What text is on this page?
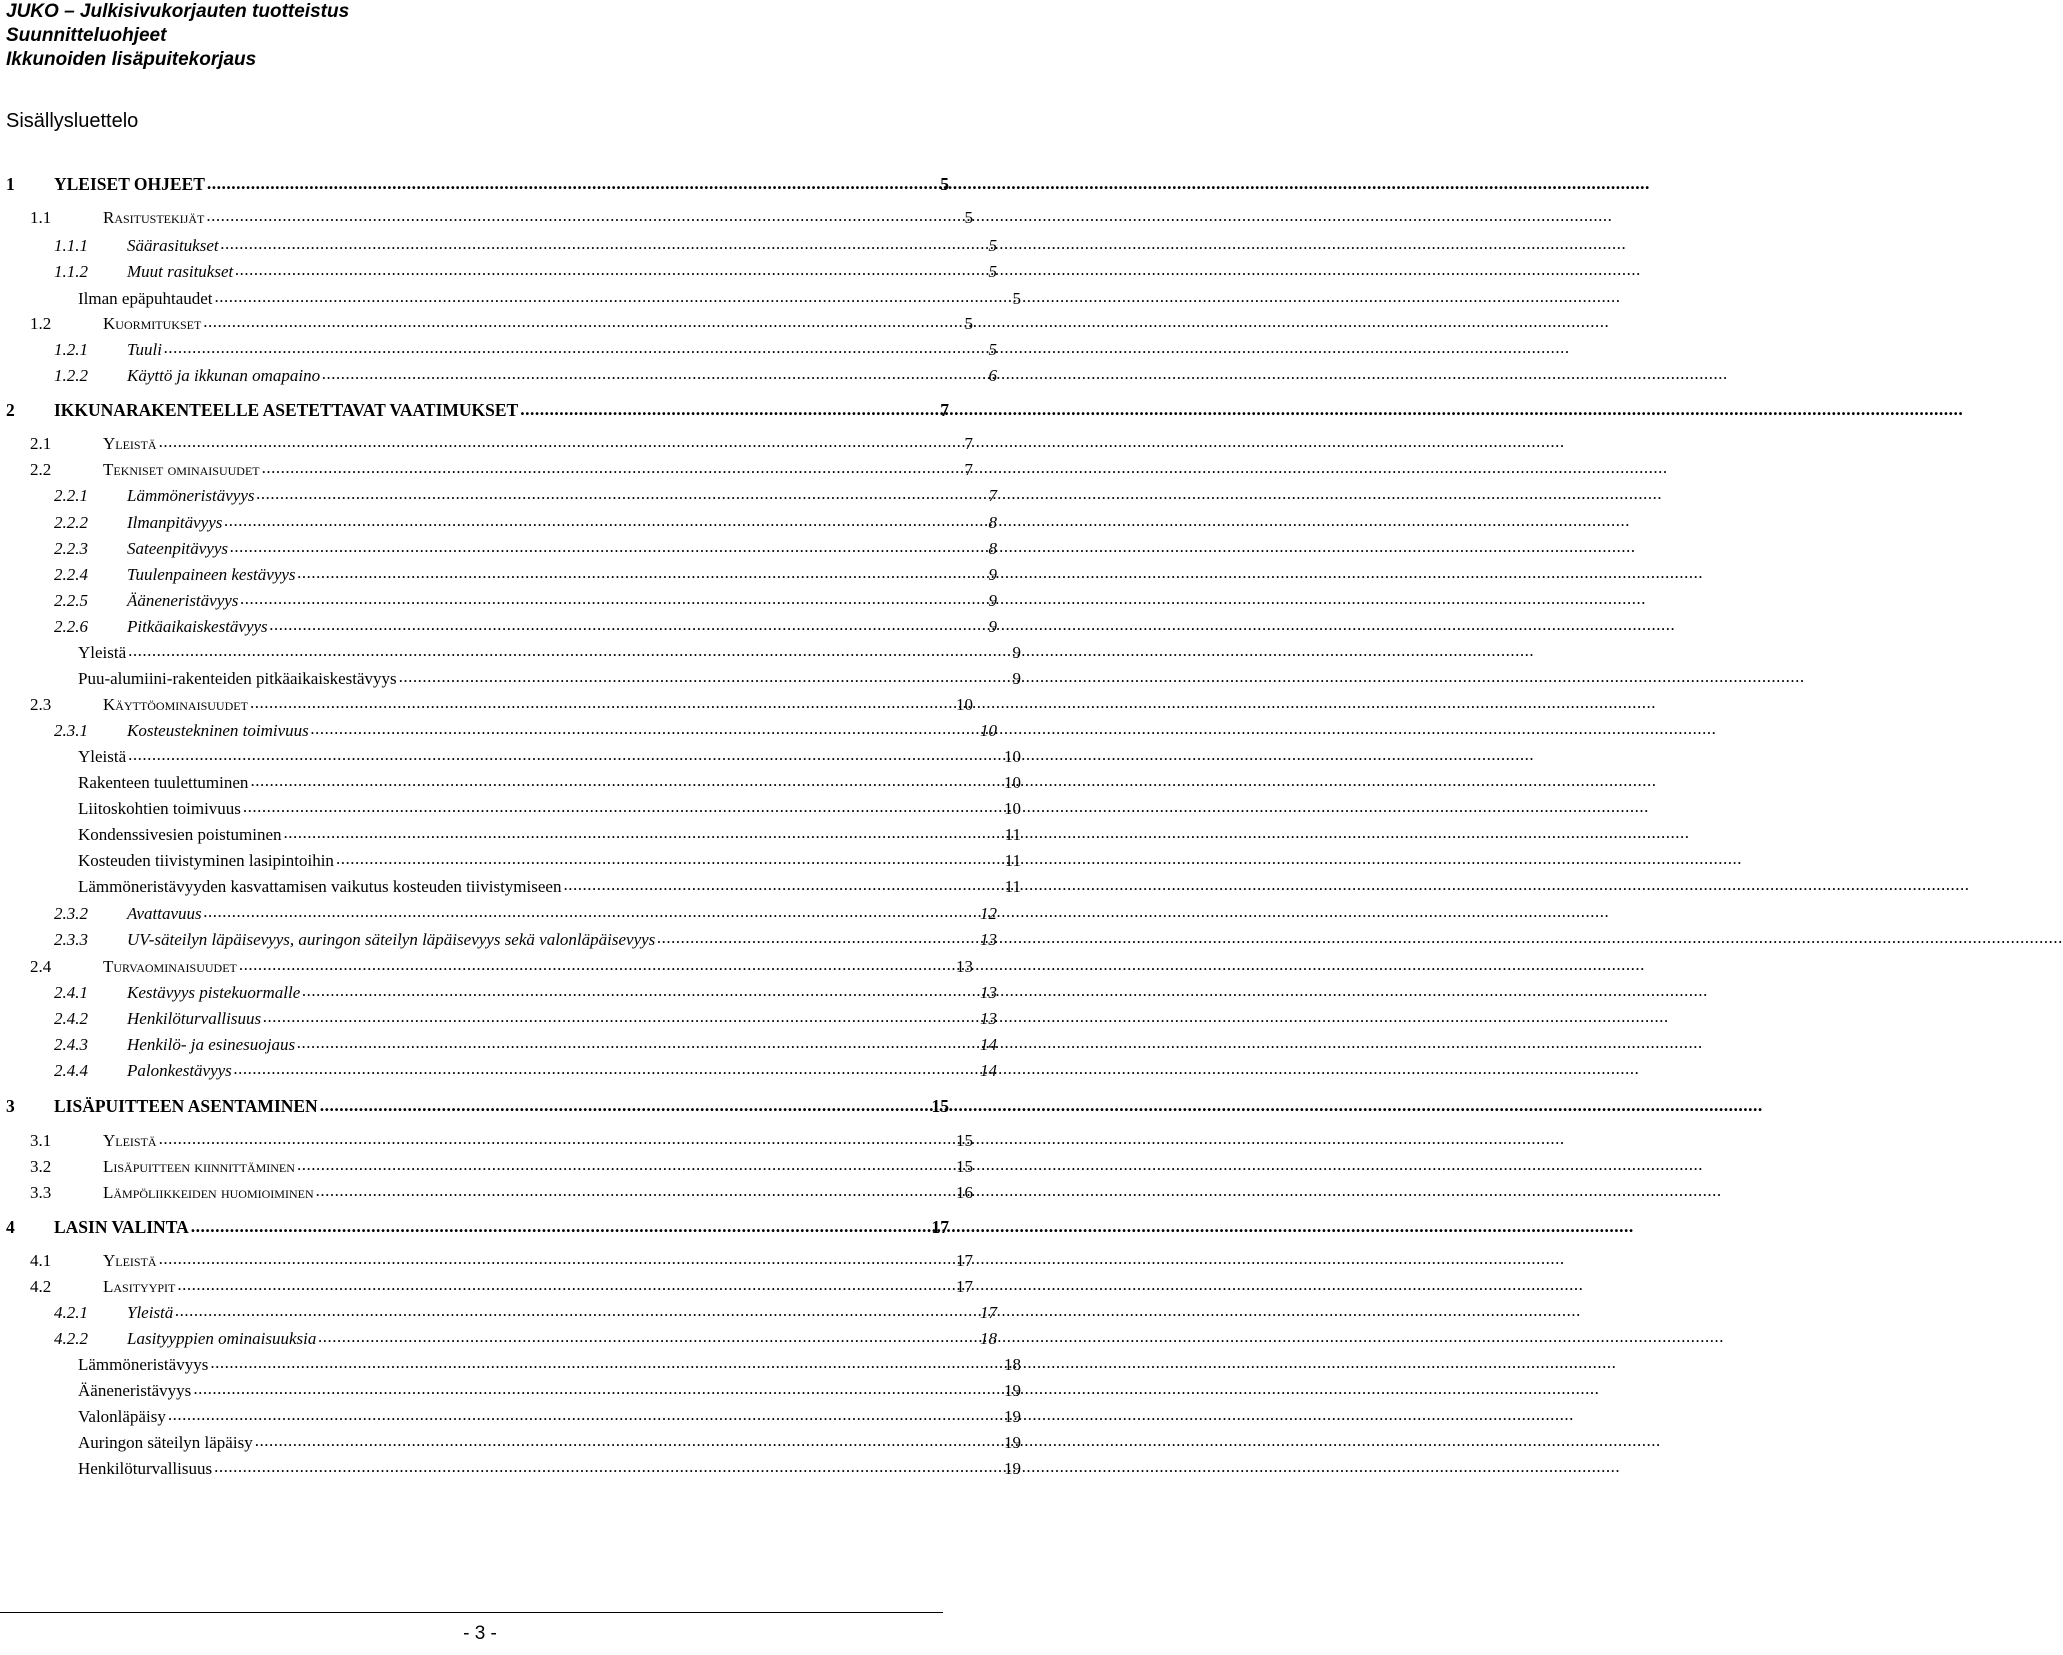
JUKO – Julkisivukorjauten tuotteistus
Suunnitteluohjeet
Ikkunoiden lisäpuitekorjaus
Sisällysluettelo
1	YLEISET OHJEET .....	5
1.1	Rasitustekijät .....	5
1.1.1	Säärasitukset .....	5
1.1.2	Muut rasitukset .....	5
Ilman epäpuhtaudet .....	5
1.2	Kuormitukset .....	5
1.2.1	Tuuli .....	5
1.2.2	Käyttö ja ikkunan omapaino .....	6
2	IKKUNARAKENTEELLE ASETETTAVAT VAATIMUKSET .....	7
2.1	Yleistä .....	7
2.2	Tekniset ominaisuudet .....	7
2.2.1	Lämmöneristävyys .....	7
2.2.2	Ilmanpitävyys .....	8
2.2.3	Sateenpitävyys .....	8
2.2.4	Tuulenpaineen kestävyys .....	9
2.2.5	Ääneneristävyys .....	9
2.2.6	Pitkäaikaiskestävyys .....	9
Yleistä .....	9
Puu-alumiini-rakenteiden pitkäaikaiskestävyys .....	9
2.3	Käyttöominaisuudet .....	10
2.3.1	Kosteustekninen toimivuus .....	10
Yleistä .....	10
Rakenteen tuulettuminen .....	10
Liitoskohtien toimivuus .....	10
Kondenssivesien poistuminen .....	11
Kosteuden tiivistyminen lasipintoihin .....	11
Lämmöneristävyyden kasvattamisen vaikutus kosteuden tiivistymiseen .....	11
2.3.2	Avattavuus .....	12
2.3.3	UV-säteilyn läpäisevyys, auringon säteilyn läpäisevyys sekä valonläpäisevyys .....	13
2.4	Turvaominaisuudet .....	13
2.4.1	Kestävyys pistekuormalle .....	13
2.4.2	Henkilöturvallisuus .....	13
2.4.3	Henkilö- ja esinesuojaus .....	14
2.4.4	Palonkestävyys .....	14
3	LISÄPUITTEEN ASENTAMINEN .....	15
3.1	Yleistä .....	15
3.2	Lisäpuitteen kiinnittäminen .....	15
3.3	Lämpöliikkeiden huomioiminen .....	16
4	LASIN VALINTA .....	17
4.1	Yleistä .....	17
4.2	Lasityypit .....	17
4.2.1	Yleistä .....	17
4.2.2	Lasityyppien ominaisuuksia .....	18
Lämmöneristävyys .....	18
Ääneneristävyys .....	19
Valonläpäisy .....	19
Auringon säteilyn läpäisy .....	19
Henkilöturvallisuus .....	19
- 3 -
